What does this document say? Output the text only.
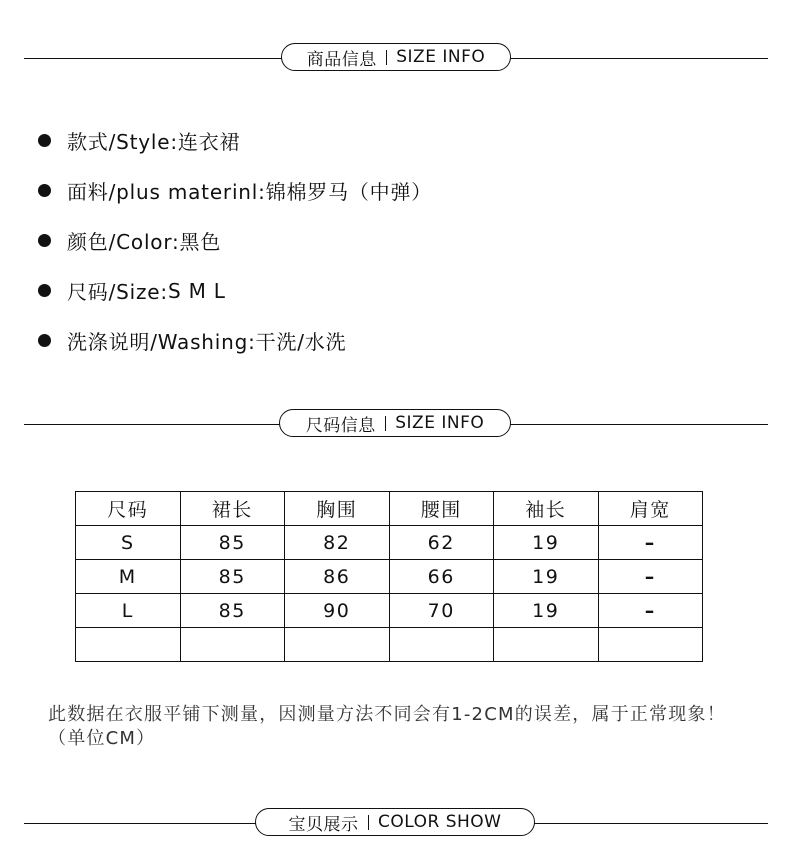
商品信息 SIZE INFO
款式/Style: 连衣裙
面料/plus materinl: 锦棉罗马（中弹）
颜色/Color: 黑色
尺码/Size: S M L
洗涤说明/Washing: 干洗/水洗
尺码信息 SIZE INFO
尺码	裙长	胸围	腰围	袖长	肩宽
S	85	82	62	19	–
M	85	86	66	19	–
L	85	90	70	19	–

此数据在衣服平铺下测量，因测量方法不同会有1-2CM的误差，属于正常现象！（单位CM）
宝贝展示 COLOR SHOW
